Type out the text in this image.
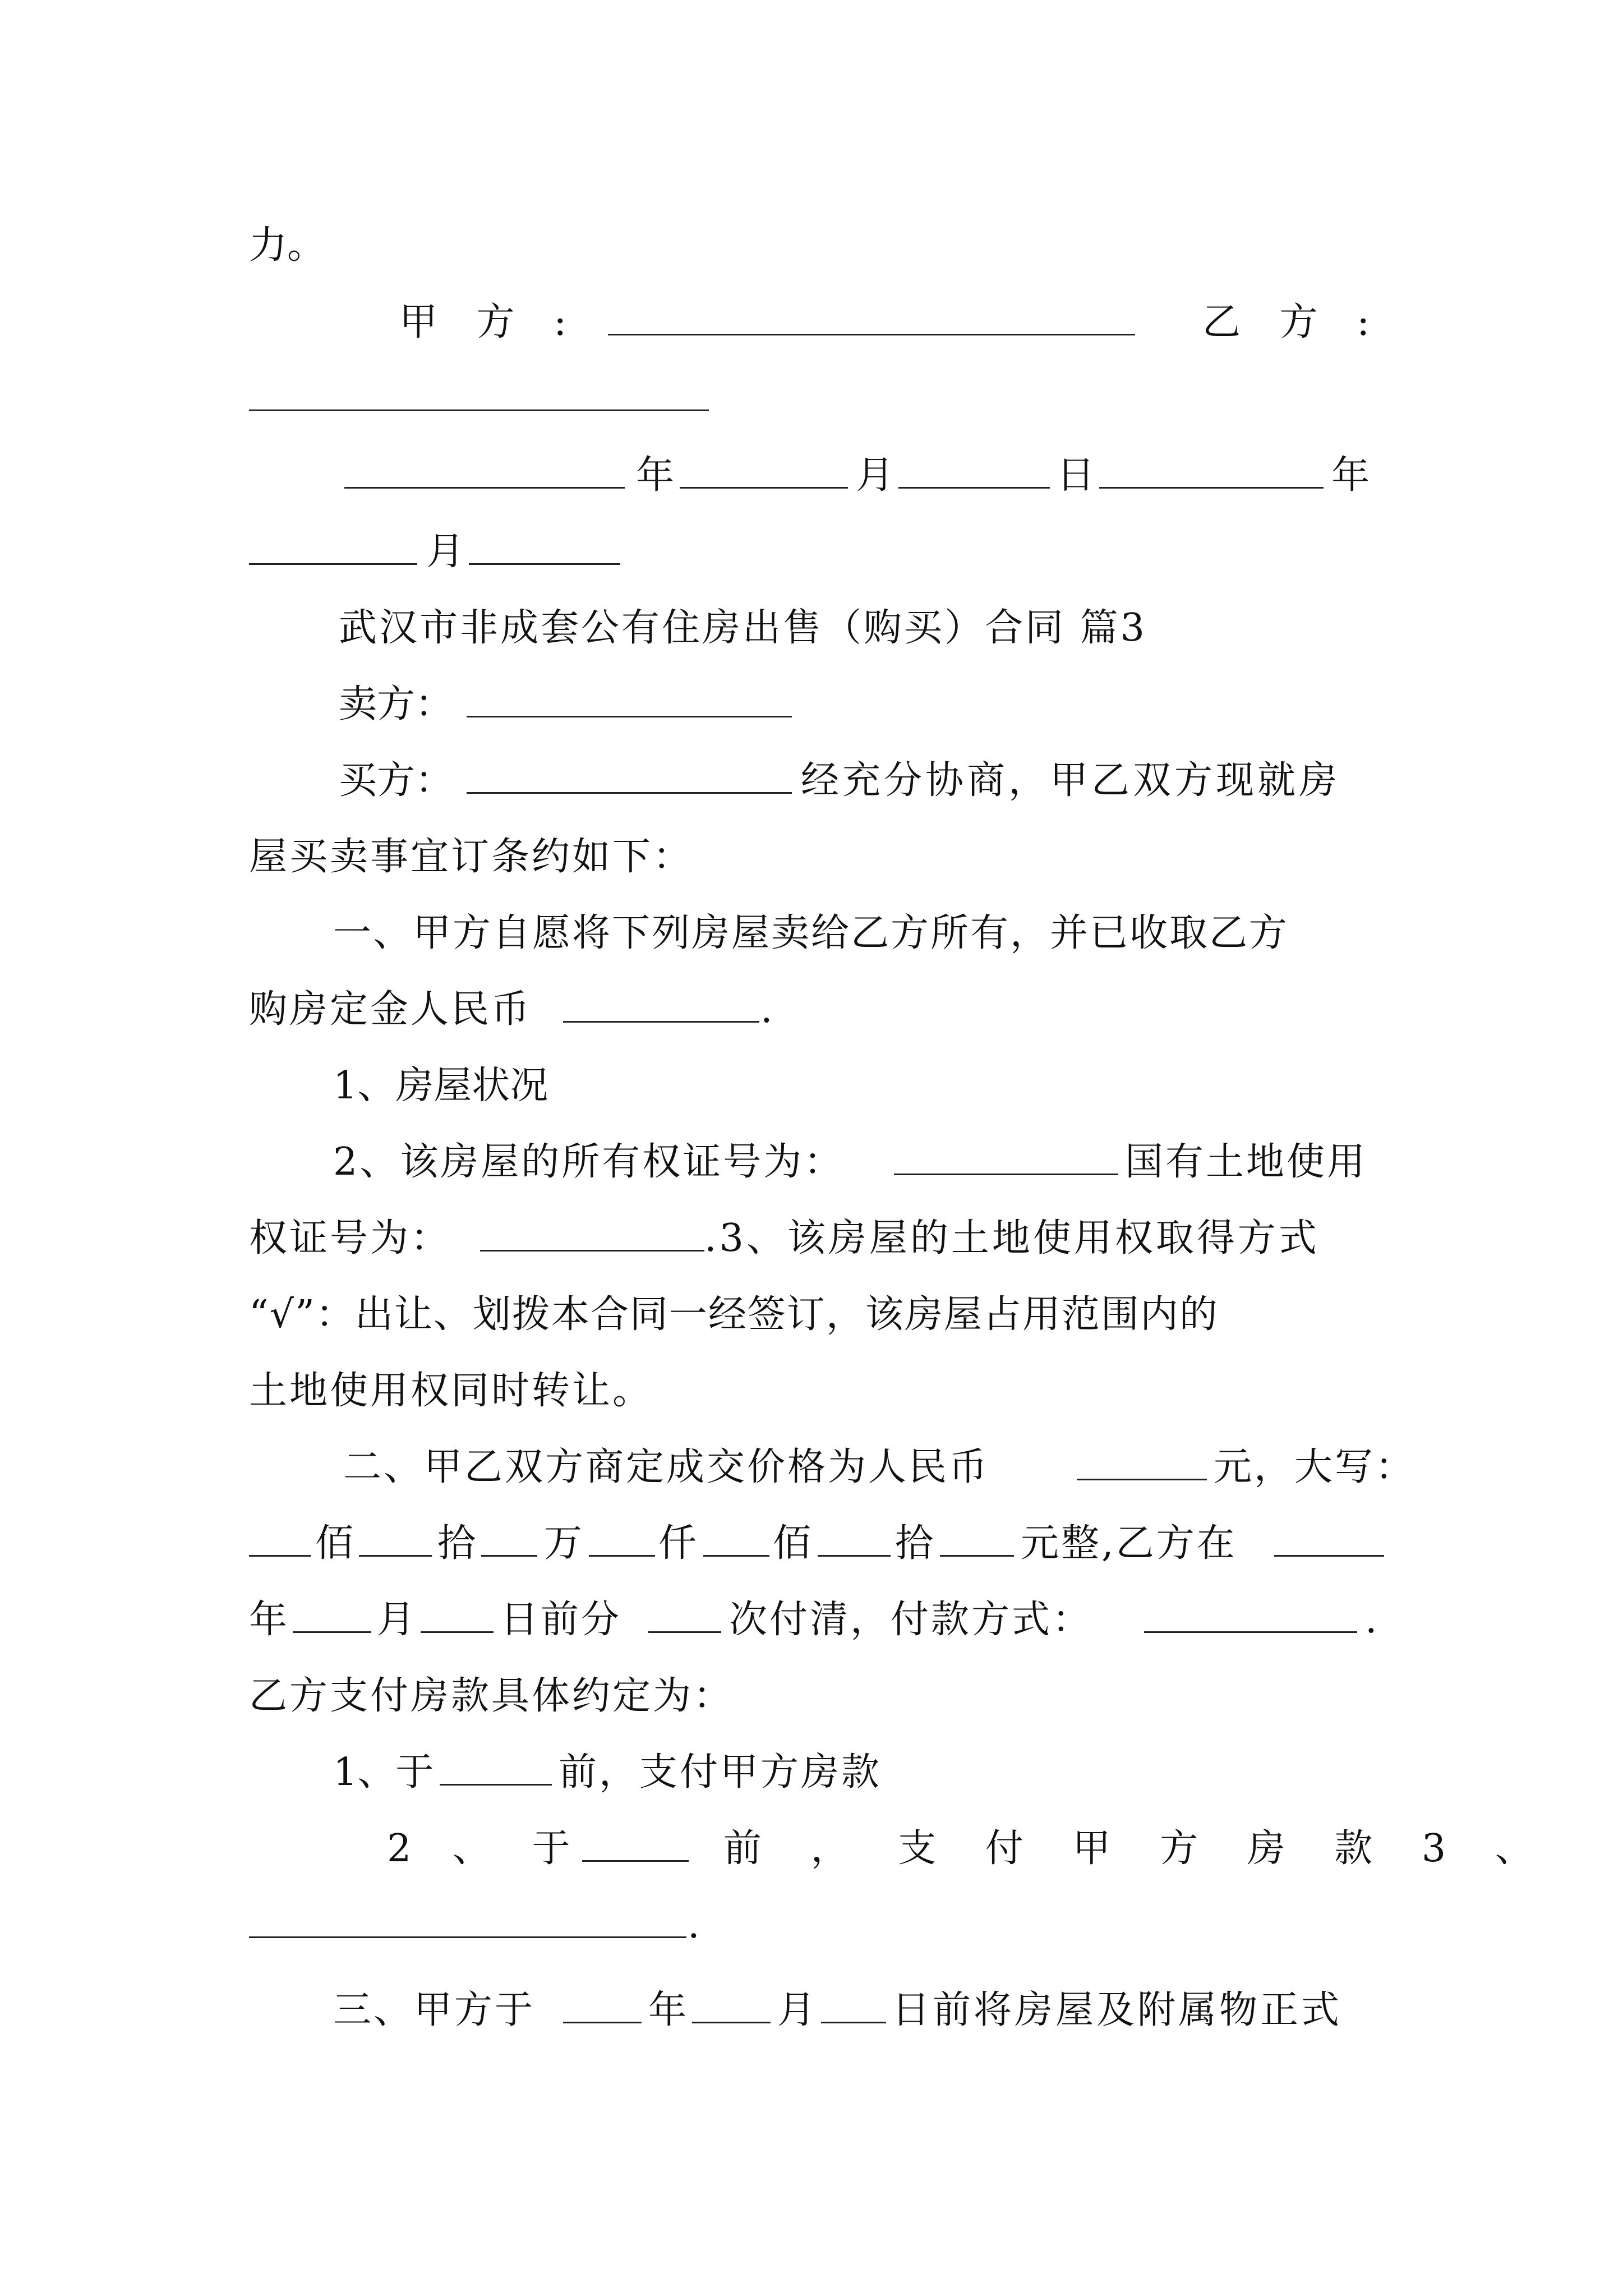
力。
甲 方 :	乙 方 :
年	月	日	年
月
武汉市非成套公有住房出售（购买）合同 篇3
卖方：
买方：	经充分协商，甲乙双方现就房
屋买卖事宜订条约如下：
一、甲方自愿将下列房屋卖给乙方所有，并已收取乙方
购房定金人民币	.
1、房屋状况
2、该房屋的所有权证号为：	国有土地使用
权证号为：	.3、该房屋的土地使用权取得方式
“√”：出让、划拨本合同一经签订，该房屋占用范围内的
土地使用权同时转让。
二、甲乙双方商定成交价格为人民币	元，大写：
佰 拾 万 仟 佰 拾 元整,乙方在
年 月 日前分	次付清，付款方式：	.
乙方支付房款具体约定为：
1、于	前，支付甲方房款
2 、 于	前 ， 支 付 甲 方 房 款 3 、
.
三、甲方于	年 月 日前将房屋及附属物正式
